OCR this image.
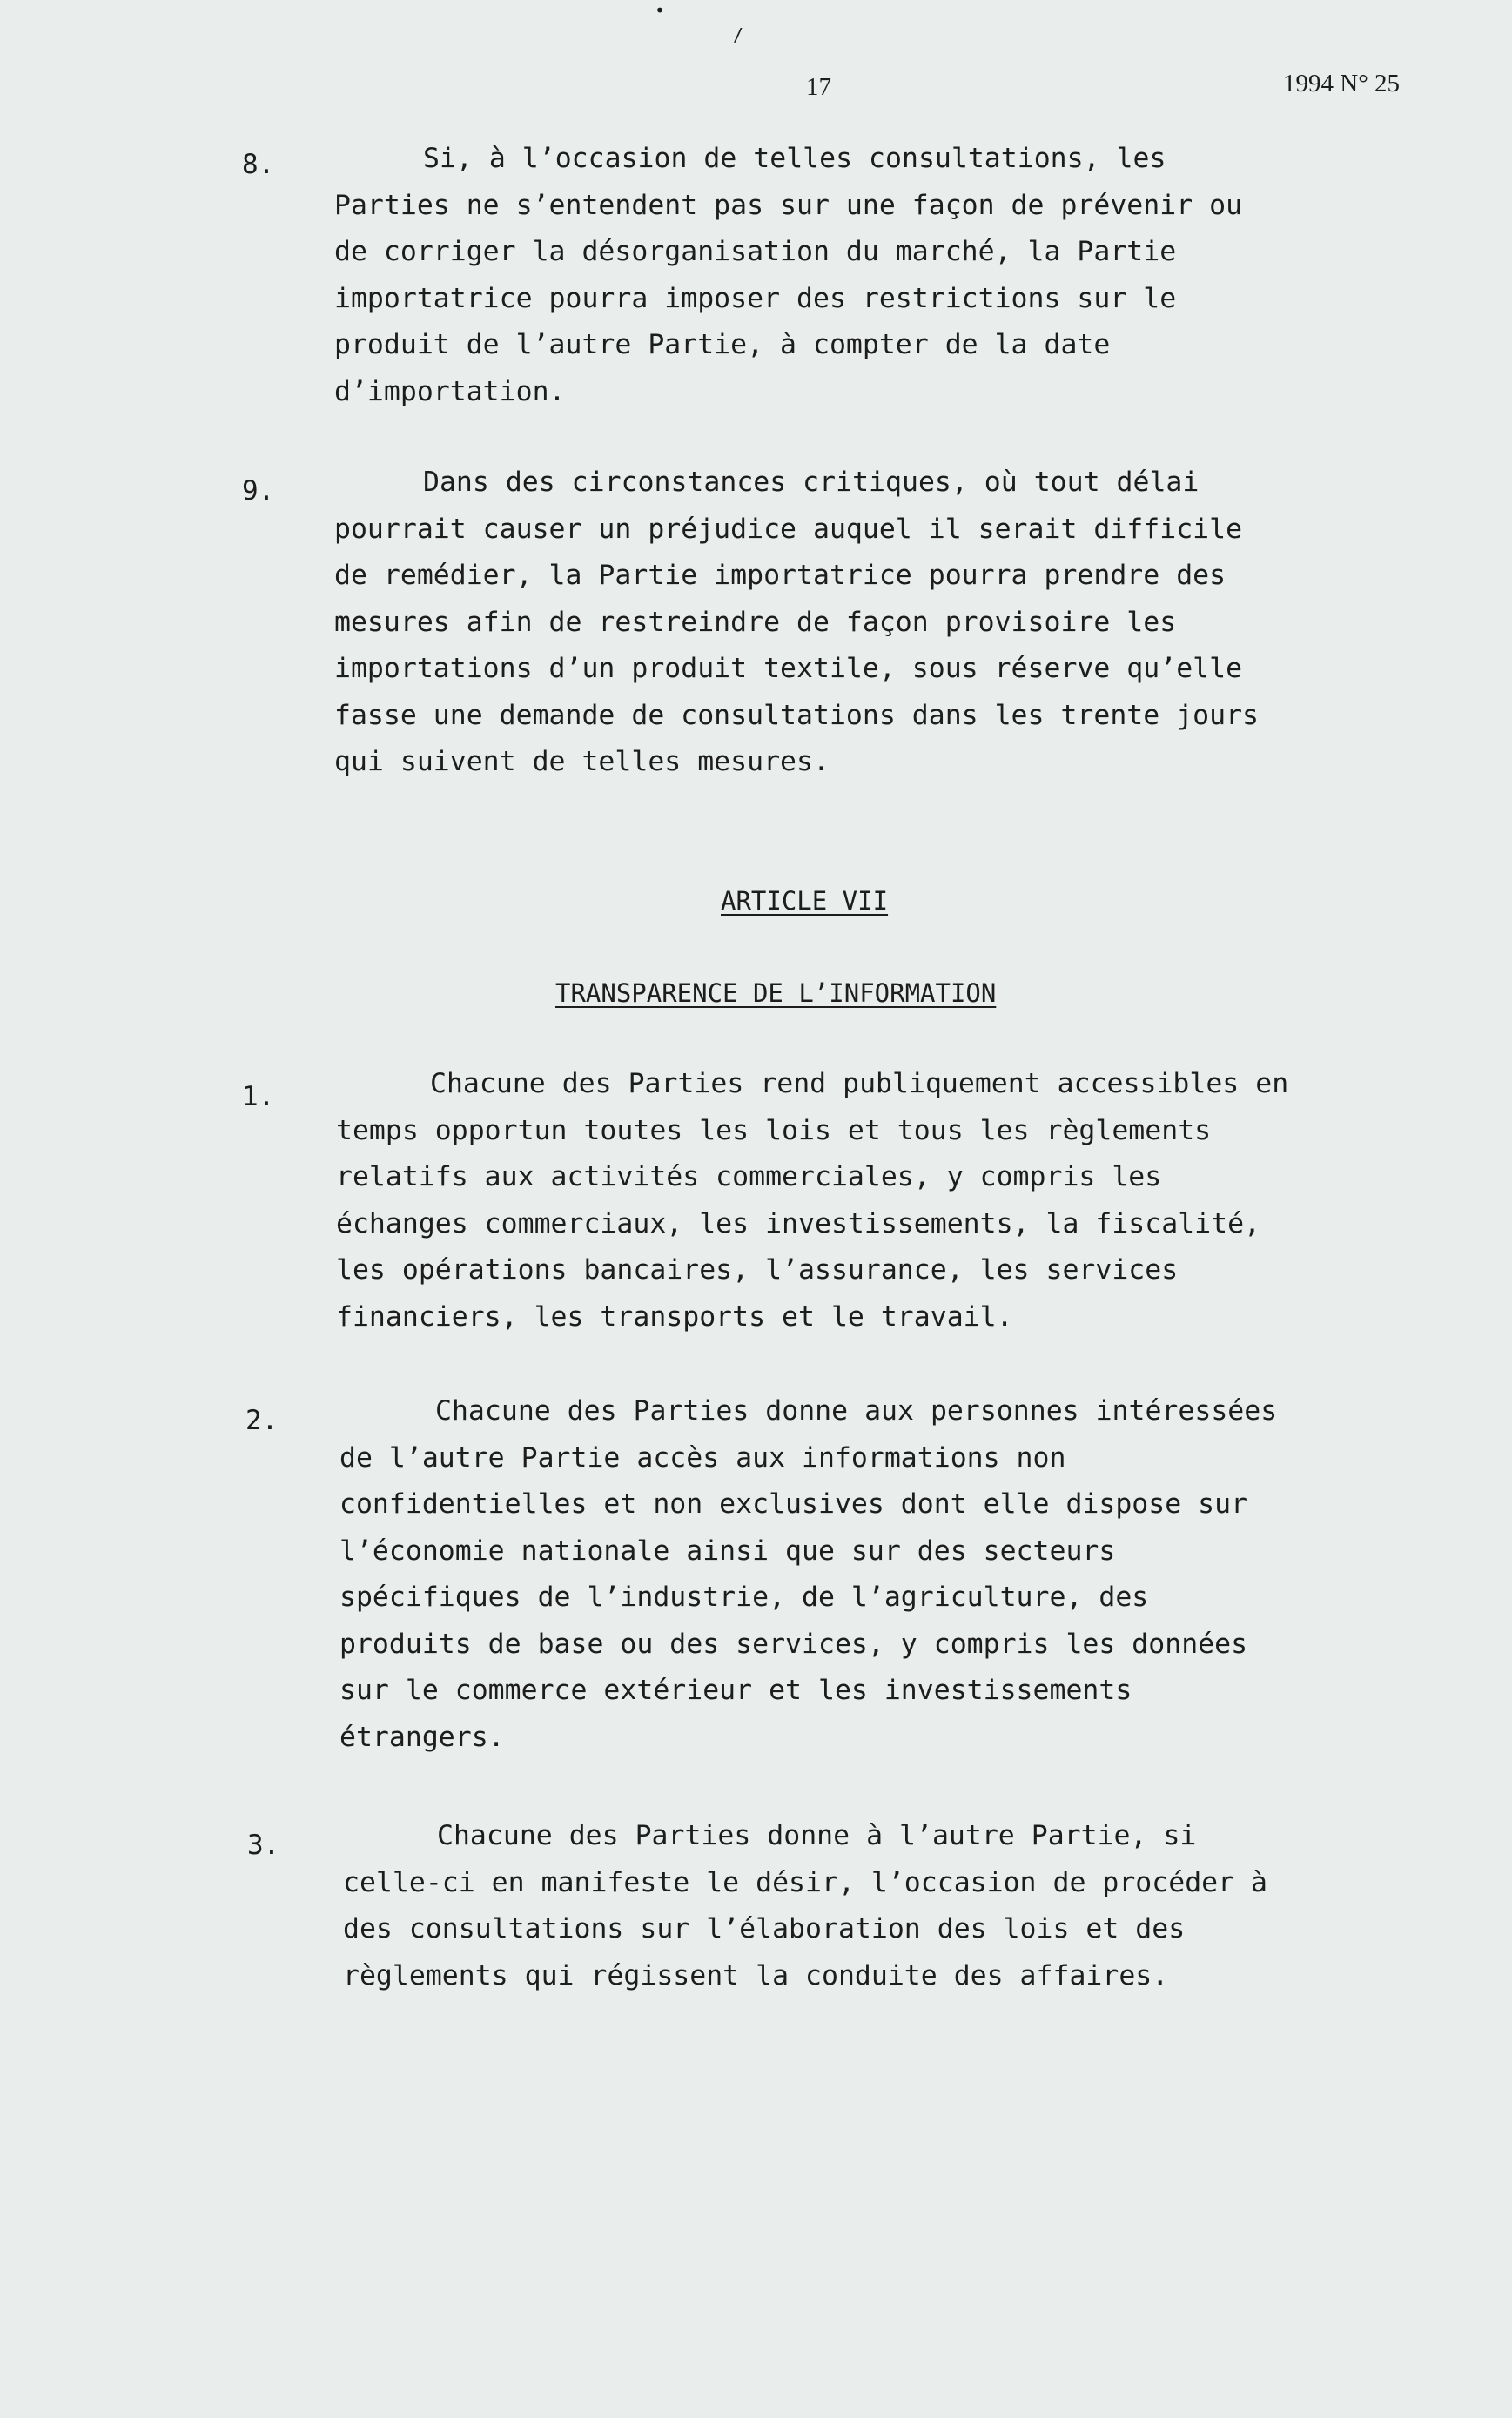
•
/
17	1994 N° 25
8.	Si, à l’occasion de telles consultations, les
Parties ne s’entendent pas sur une façon de prévenir ou
de corriger la désorganisation du marché, la Partie
importatrice pourra imposer des restrictions sur le
produit de l’autre Partie, à compter de la date
d’importation.
9.	Dans des circonstances critiques, où tout délai
pourrait causer un préjudice auquel il serait difficile
de remédier, la Partie importatrice pourra prendre des
mesures afin de restreindre de façon provisoire les
importations d’un produit textile, sous réserve qu’elle
fasse une demande de consultations dans les trente jours
qui suivent de telles mesures.
ARTICLE VII
TRANSPARENCE DE L’INFORMATION
1.	Chacune des Parties rend publiquement accessibles en
temps opportun toutes les lois et tous les règlements
relatifs aux activités commerciales, y compris les
échanges commerciaux, les investissements, la fiscalité,
les opérations bancaires, l’assurance, les services
financiers, les transports et le travail.
2.	Chacune des Parties donne aux personnes intéressées
de l’autre Partie accès aux informations non
confidentielles et non exclusives dont elle dispose sur
l’économie nationale ainsi que sur des secteurs
spécifiques de l’industrie, de l’agriculture, des
produits de base ou des services, y compris les données
sur le commerce extérieur et les investissements
étrangers.
3.	Chacune des Parties donne à l’autre Partie, si
celle-ci en manifeste le désir, l’occasion de procéder à
des consultations sur l’élaboration des lois et des
règlements qui régissent la conduite des affaires.
